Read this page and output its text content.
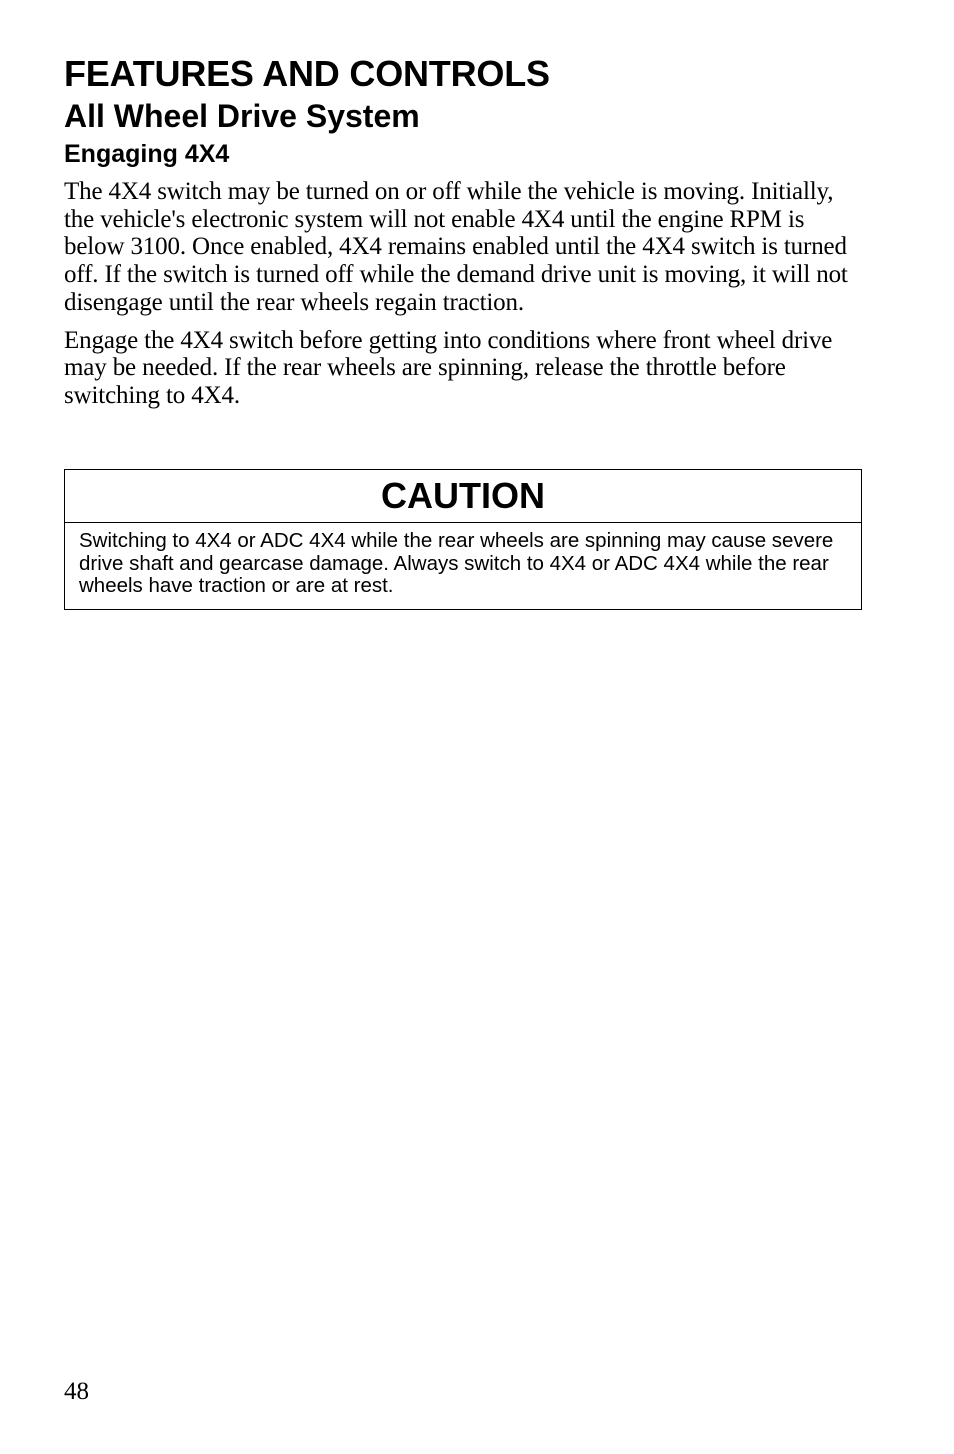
FEATURES AND CONTROLS
All Wheel Drive System
Engaging 4X4

The 4X4 switch may be turned on or off while the vehicle is moving. Initially, the vehicle's electronic system will not enable 4X4 until the engine RPM is below 3100. Once enabled, 4X4 remains enabled until the 4X4 switch is turned off. If the switch is turned off while the demand drive unit is moving, it will not disengage until the rear wheels regain traction.

Engage the 4X4 switch before getting into conditions where front wheel drive may be needed. If the rear wheels are spinning, release the throttle before switching to 4X4.

CAUTION
Switching to 4X4 or ADC 4X4 while the rear wheels are spinning may cause severe drive shaft and gearcase damage. Always switch to 4X4 or ADC 4X4 while the rear wheels have traction or are at rest.
48
